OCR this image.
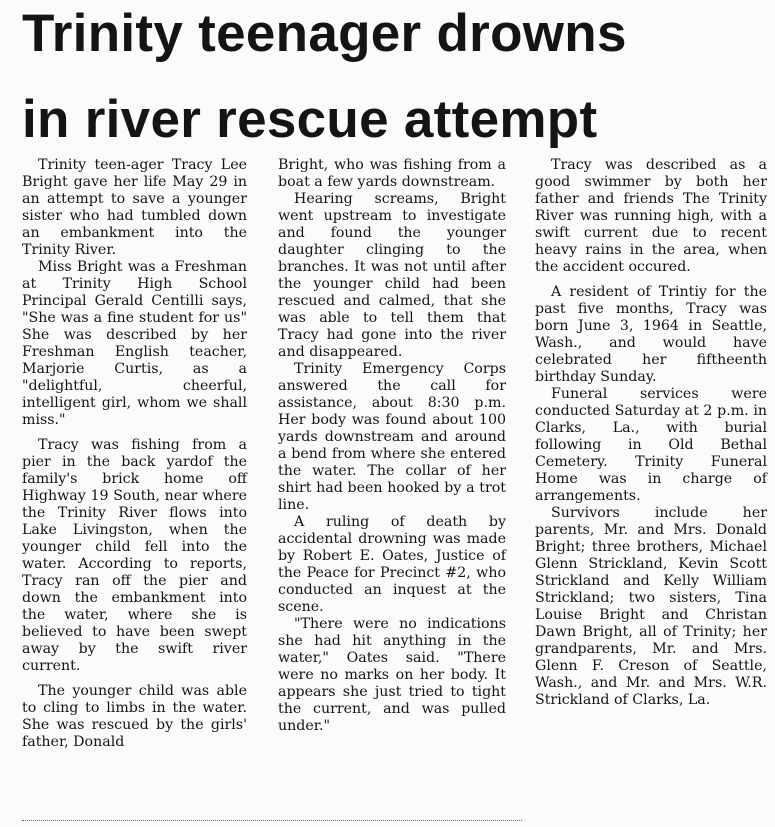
Trinity teenager drowns
in river rescue attempt

Trinity teen-ager Tracy Lee Bright gave her life May 29 in an attempt to save a younger sister who had tumbled down an embankment into the Trinity River.

Miss Bright was a Freshman at Trinity High School Principal Gerald Centilli says, "She was a fine student for us" She was described by her Freshman English teacher, Marjorie Curtis, as a "delightful, cheerful, intelligent girl, whom we shall miss."

Tracy was fishing from a pier in the back yardof the family's brick home off Highway 19 South, near where the Trinity River flows into Lake Livingston, when the younger child fell into the water. According to reports, Tracy ran off the pier and down the embankment into the water, where she is believed to have been swept away by the swift river current.

The younger child was able to cling to limbs in the water. She was rescued by the girls' father, Donald

Bright, who was fishing from a boat a few yards downstream.

Hearing screams, Bright went upstream to investigate and found the younger daughter clinging to the branches. It was not until after the younger child had been rescued and calmed, that she was able to tell them that Tracy had gone into the river and disappeared.

Trinity Emergency Corps answered the call for assistance, about 8:30 p.m. Her body was found about 100 yards downstream and around a bend from where she entered the water. The collar of her shirt had been hooked by a trot line.

A ruling of death by accidental drowning was made by Robert E. Oates, Justice of the Peace for Precinct #2, who conducted an inquest at the scene.

"There were no indications she had hit anything in the water," Oates said. "There were no marks on her body. It appears she just tried to tight the current, and was pulled under."

Tracy was described as a good swimmer by both her father and friends The Trinity River was running high, with a swift current due to recent heavy rains in the area, when the accident occured.

A resident of Trintiy for the past five months, Tracy was born June 3, 1964 in Seattle, Wash., and would have celebrated her fiftheenth birthday Sunday.

Funeral services were conducted Saturday at 2 p.m. in Clarks, La., with burial following in Old Bethal Cemetery. Trinity Funeral Home was in charge of arrangements.

Survivors include her parents, Mr. and Mrs. Donald Bright; three brothers, Michael Glenn Strickland, Kevin Scott Strickland and Kelly William Strickland; two sisters, Tina Louise Bright and Christan Dawn Bright, all of Trinity; her grandparents, Mr. and Mrs. Glenn F. Creson of Seattle, Wash., and Mr. and Mrs. W.R. Strickland of Clarks, La.
